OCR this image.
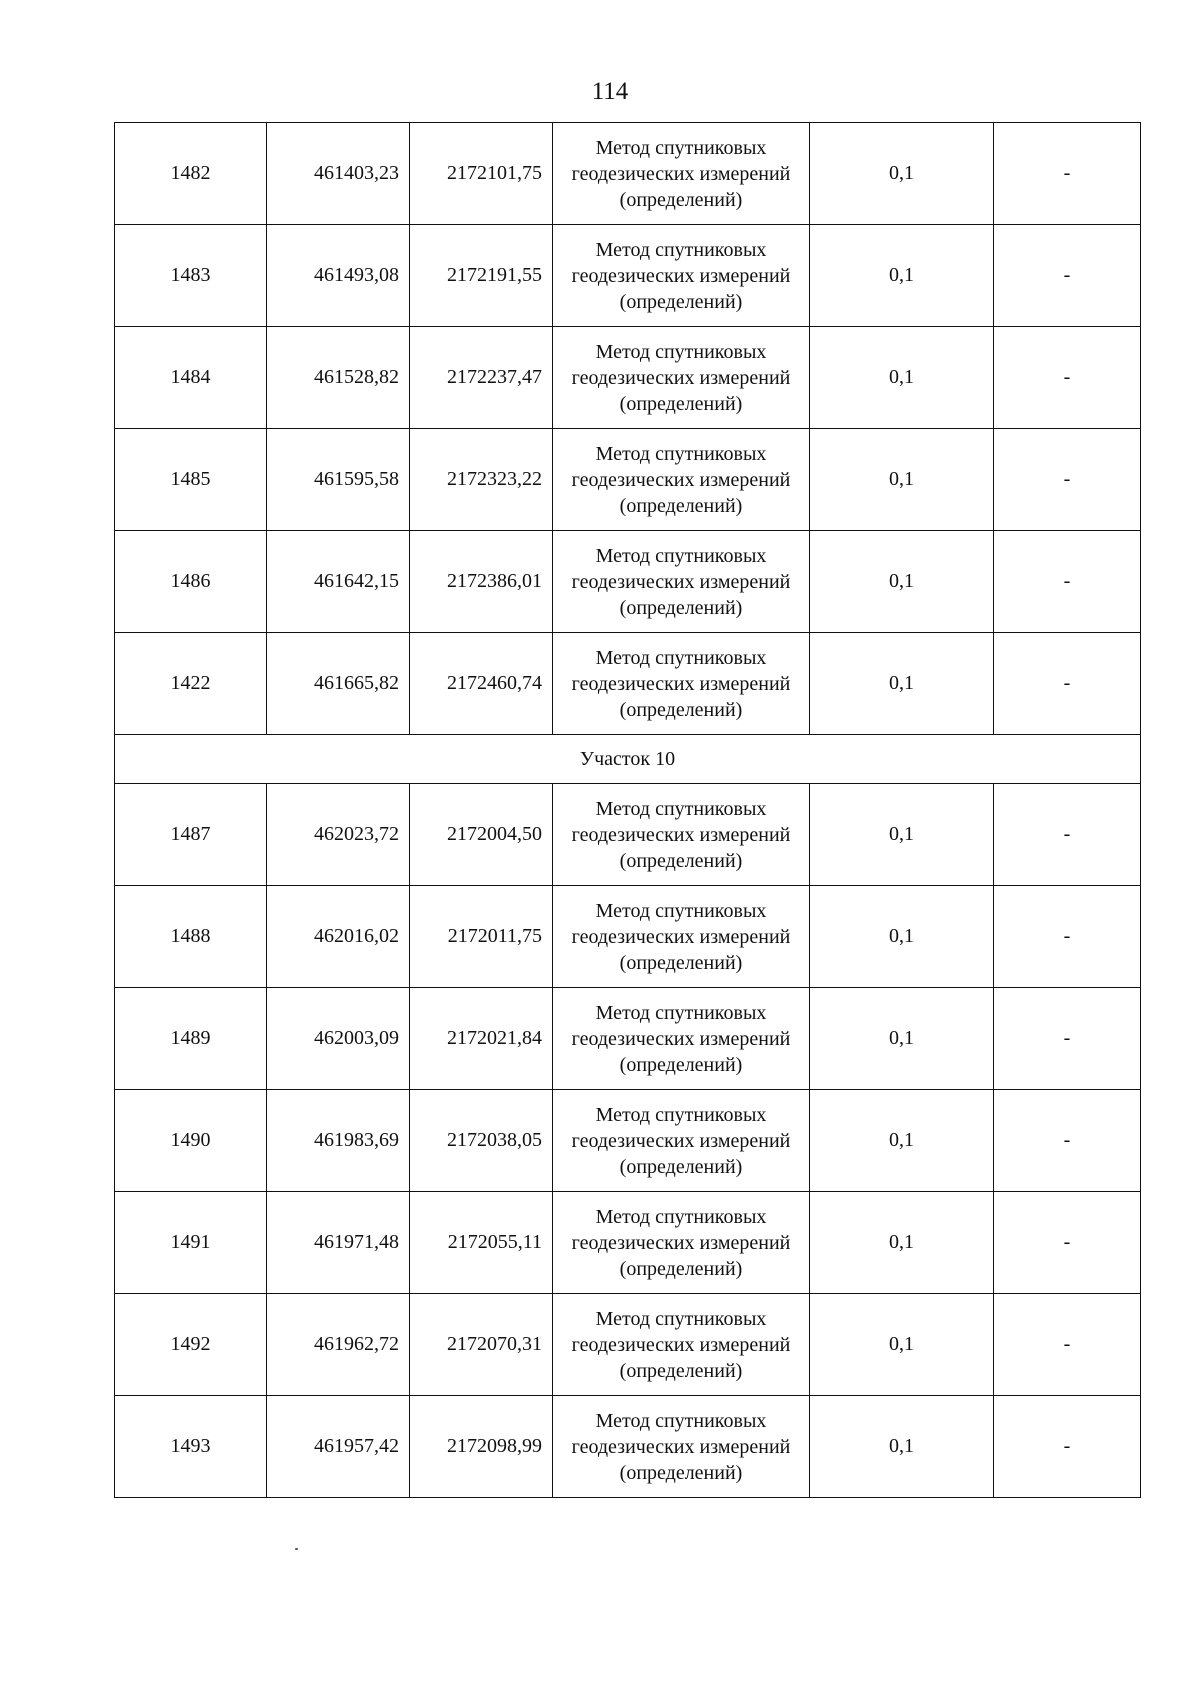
114
1482	461403,23	2172101,75	Метод спутниковых
геодезических измерений
(определений)	0,1	-
1483	461493,08	2172191,55	Метод спутниковых
геодезических измерений
(определений)	0,1	-
1484	461528,82	2172237,47	Метод спутниковых
геодезических измерений
(определений)	0,1	-
1485	461595,58	2172323,22	Метод спутниковых
геодезических измерений
(определений)	0,1	-
1486	461642,15	2172386,01	Метод спутниковых
геодезических измерений
(определений)	0,1	-
1422	461665,82	2172460,74	Метод спутниковых
геодезических измерений
(определений)	0,1	-
Участок 10					
1487	462023,72	2172004,50	Метод спутниковых
геодезических измерений
(определений)	0,1	-
1488	462016,02	2172011,75	Метод спутниковых
геодезических измерений
(определений)	0,1	-
1489	462003,09	2172021,84	Метод спутниковых
геодезических измерений
(определений)	0,1	-
1490	461983,69	2172038,05	Метод спутниковых
геодезических измерений
(определений)	0,1	-
1491	461971,48	2172055,11	Метод спутниковых
геодезических измерений
(определений)	0,1	-
1492	461962,72	2172070,31	Метод спутниковых
геодезических измерений
(определений)	0,1	-
1493	461957,42	2172098,99	Метод спутниковых
геодезических измерений
(определений)	0,1	-
